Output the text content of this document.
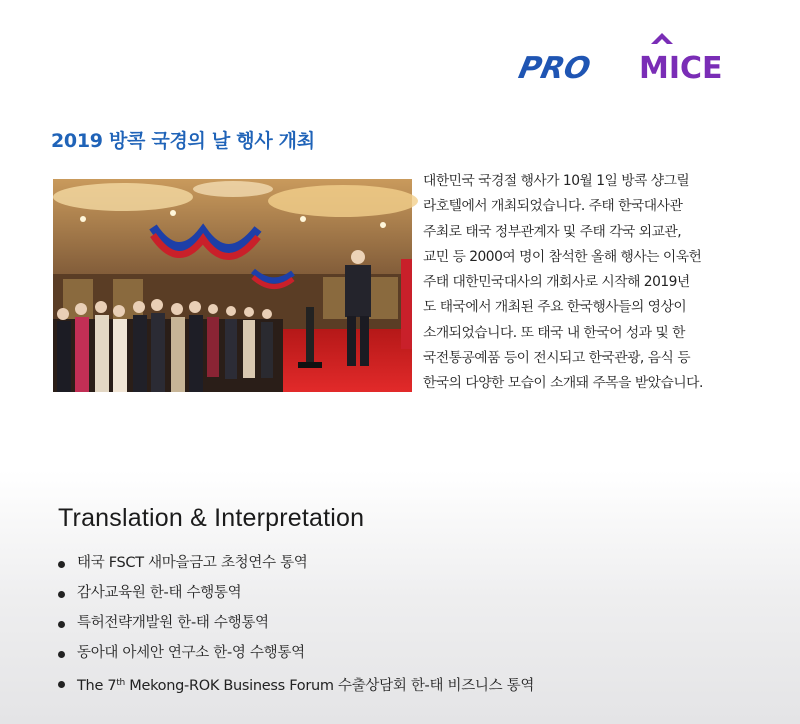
PRO MICE
2019 방콕 국경의 날 행사 개최
대한민국 국경절 행사가 10월 1일 방콕 샹그릴
라호텔에서 개최되었습니다. 주태 한국대사관
주최로 태국 정부관계자 및 주태 각국 외교관,
교민 등 2000여 명이 참석한 올해 행사는 이욱헌
주태 대한민국대사의 개회사로 시작해 2019년
도 태국에서 개최된 주요 한국행사들의 영상이
소개되었습니다. 또 태국 내 한국어 성과 및 한
국전통공예품 등이 전시되고 한국관광, 음식 등
한국의 다양한 모습이 소개돼 주목을 받았습니다.
Translation & Interpretation
태국 FSCT 새마을금고 초청연수 통역
감사교육원 한-태 수행통역
특허전략개발원 한-태 수행통역
동아대 아세안 연구소 한-영 수행통역
The 7th Mekong-ROK Business Forum 수출상담회 한-태 비즈니스 통역
